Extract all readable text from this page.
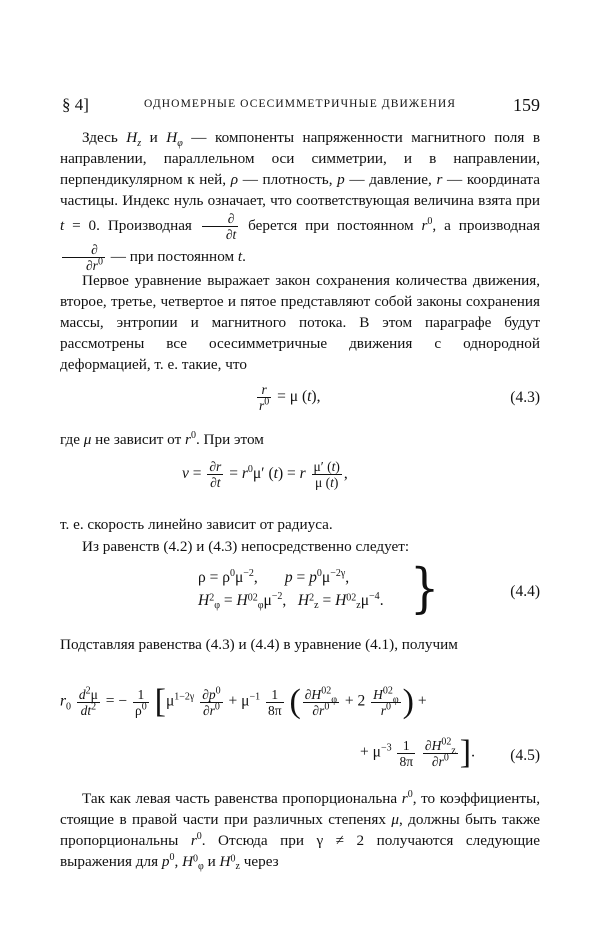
§ 4]	ОДНОМЕРНЫЕ ОСЕСИММЕТРИЧНЫЕ ДВИЖЕНИЯ	159
Здесь $H_z$ и $H_\varphi$ — компоненты напряженности магнитного поля в направлении, параллельном оси симметрии, и в направлении, перпендикулярном к ней, ρ — плотность, p — давление, r — координата частицы. Индекс нуль означает, что соответствующая величина взята при t = 0. Производная	∂
∂t
берется при постоянном $r^0$, а производная
∂
$\partial r^0$ — при постоянном t.
Первое уравнение выражает закон сохранения количества движения, второе, третье, четвертое и пятое представляют собой законы сохранения массы, энтропии и магнитного потока. В этом параграфе будут рассмотрены все осесимметричные движения с однородной деформацией, т. е. такие, что
$\frac{r}{r^0} = \mu$ (t),	(4.3)
где μ не зависит от $r^0$. При этом
$v = \frac{\partial r}{\partial t} = r^0\mu'$ (t) = r $\frac{\mu' (t)}{\mu (t)}$ ,
т. е. скорость линейно зависит от радиуса.
Из равенств (4.2) и (4.3) непосредственно следует:
$\rho = \rho^0\mu^{-2}$,       $p = p^0\mu^{-2\gamma}$,
$H^2_\varphi = H^{02}_\varphi\mu^{-2}$,   $H^2_z = H^{02}_z\mu^{-4}$. }	(4.4)
Подставляя равенства (4.3) и (4.4) в уравнение (4.1), получим
$r_0 \frac{d^2\mu}{dt^2}$ = − $\frac{1}{\rho^0} [\mu^{1-2\gamma} \frac{\partial p^0}{\partial r^0} + \mu^{-1} \frac{1}{8\pi}$ ( $\frac{\partial H^{02}_\varphi}{\partial r^0} + 2 \frac{H^{02}_\varphi}{r^0}$ ) +
+ $\mu^{-3} \frac{1}{8\pi}$
$\frac{\partial H^{02}_z}{\partial r^0}$ ]. (4.5)
Так как левая часть равенства пропорциональна $r^0$, то коэффициенты, стоящие в правой части при различных степенях μ, должны быть также пропорциональны $r^0$. Отсюда при γ ≠ 2 получаются следующие выражения для $p^0$, $H^0_\varphi$ и $H^0_z$ через
